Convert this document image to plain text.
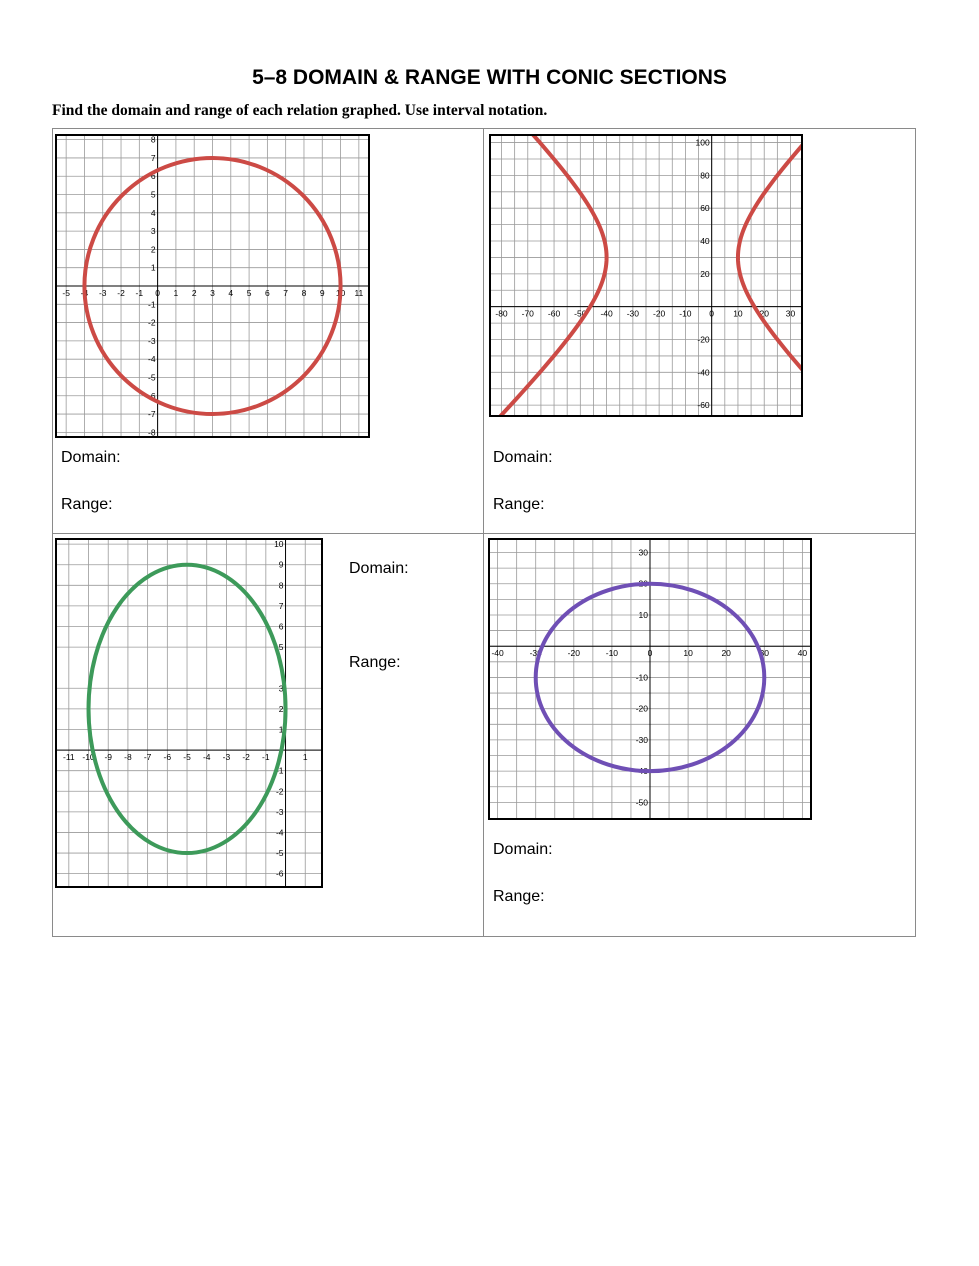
5–8 DOMAIN & RANGE WITH CONIC SECTIONS
Find the domain and range of each relation graphed. Use interval notation.
-5 -4 -3 -2 -1 0 1 2 3 4 5 6 7 8 9 10 11
-8
-7
-6
-5
-4
-3
-2
-1
1
2
3
4
5
6
7
8
-80 -70 -60 -50 -40 -30 -20 -10 0 10 20 30
-60
-40
-20
20
40
60
80
100
-11 -10 -9 -8 -7 -6 -5 -4 -3 -2 -1	1
-6
-5
-4
-3
-2
-1
1
2
3
5
6
7
8
9
10
-40	-30	-20	-10	0	10	20	30	40
-50
-40
-30
-20
-10
10
20
30
Domain:
Range:
Domain:
Range:
Domain:
Range:
Domain:
Range:
